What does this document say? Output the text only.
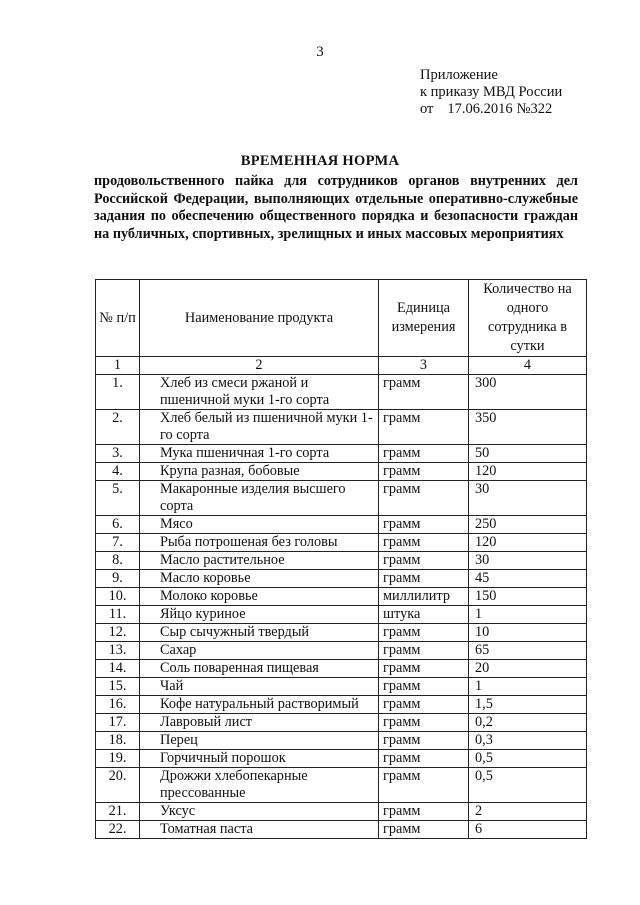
3
Приложение
к приказу МВД России
от 17.06.2016 №322
ВРЕМЕННАЯ НОРМА
продовольственного пайка для сотрудников органов внутренних дел Российской Федерации, выполняющих отдельные оперативно-служебные задания по обеспечению общественного порядка и безопасности граждан на публичных, спортивных, зрелищных и иных массовых мероприятиях
№ п/п	Наименование продукта	Единица измерения	Количество на одного сотрудника в сутки
1	2	3	4
1.	Хлеб из смеси ржаной и пшеничной муки 1-го сорта	грамм	300
2.	Хлеб белый из пшеничной муки 1-го сорта	грамм	350
3.	Мука пшеничная 1-го сорта	грамм	50
4.	Крупа разная, бобовые	грамм	120
5.	Макаронные изделия высшего сорта	грамм	30
6.	Мясо	грамм	250
7.	Рыба потрошеная без головы	грамм	120
8.	Масло растительное	грамм	30
9.	Масло коровье	грамм	45
10.	Молоко коровье	миллилитр	150
11.	Яйцо куриное	штука	1
12.	Сыр сычужный твердый	грамм	10
13.	Сахар	грамм	65
14.	Соль поваренная пищевая	грамм	20
15.	Чай	грамм	1
16.	Кофе натуральный растворимый	грамм	1,5
17.	Лавровый лист	грамм	0,2
18.	Перец	грамм	0,3
19.	Горчичный порошок	грамм	0,5
20.	Дрожжи хлебопекарные прессованные	грамм	0,5
21.	Уксус	грамм	2
22.	Томатная паста	грамм	6
